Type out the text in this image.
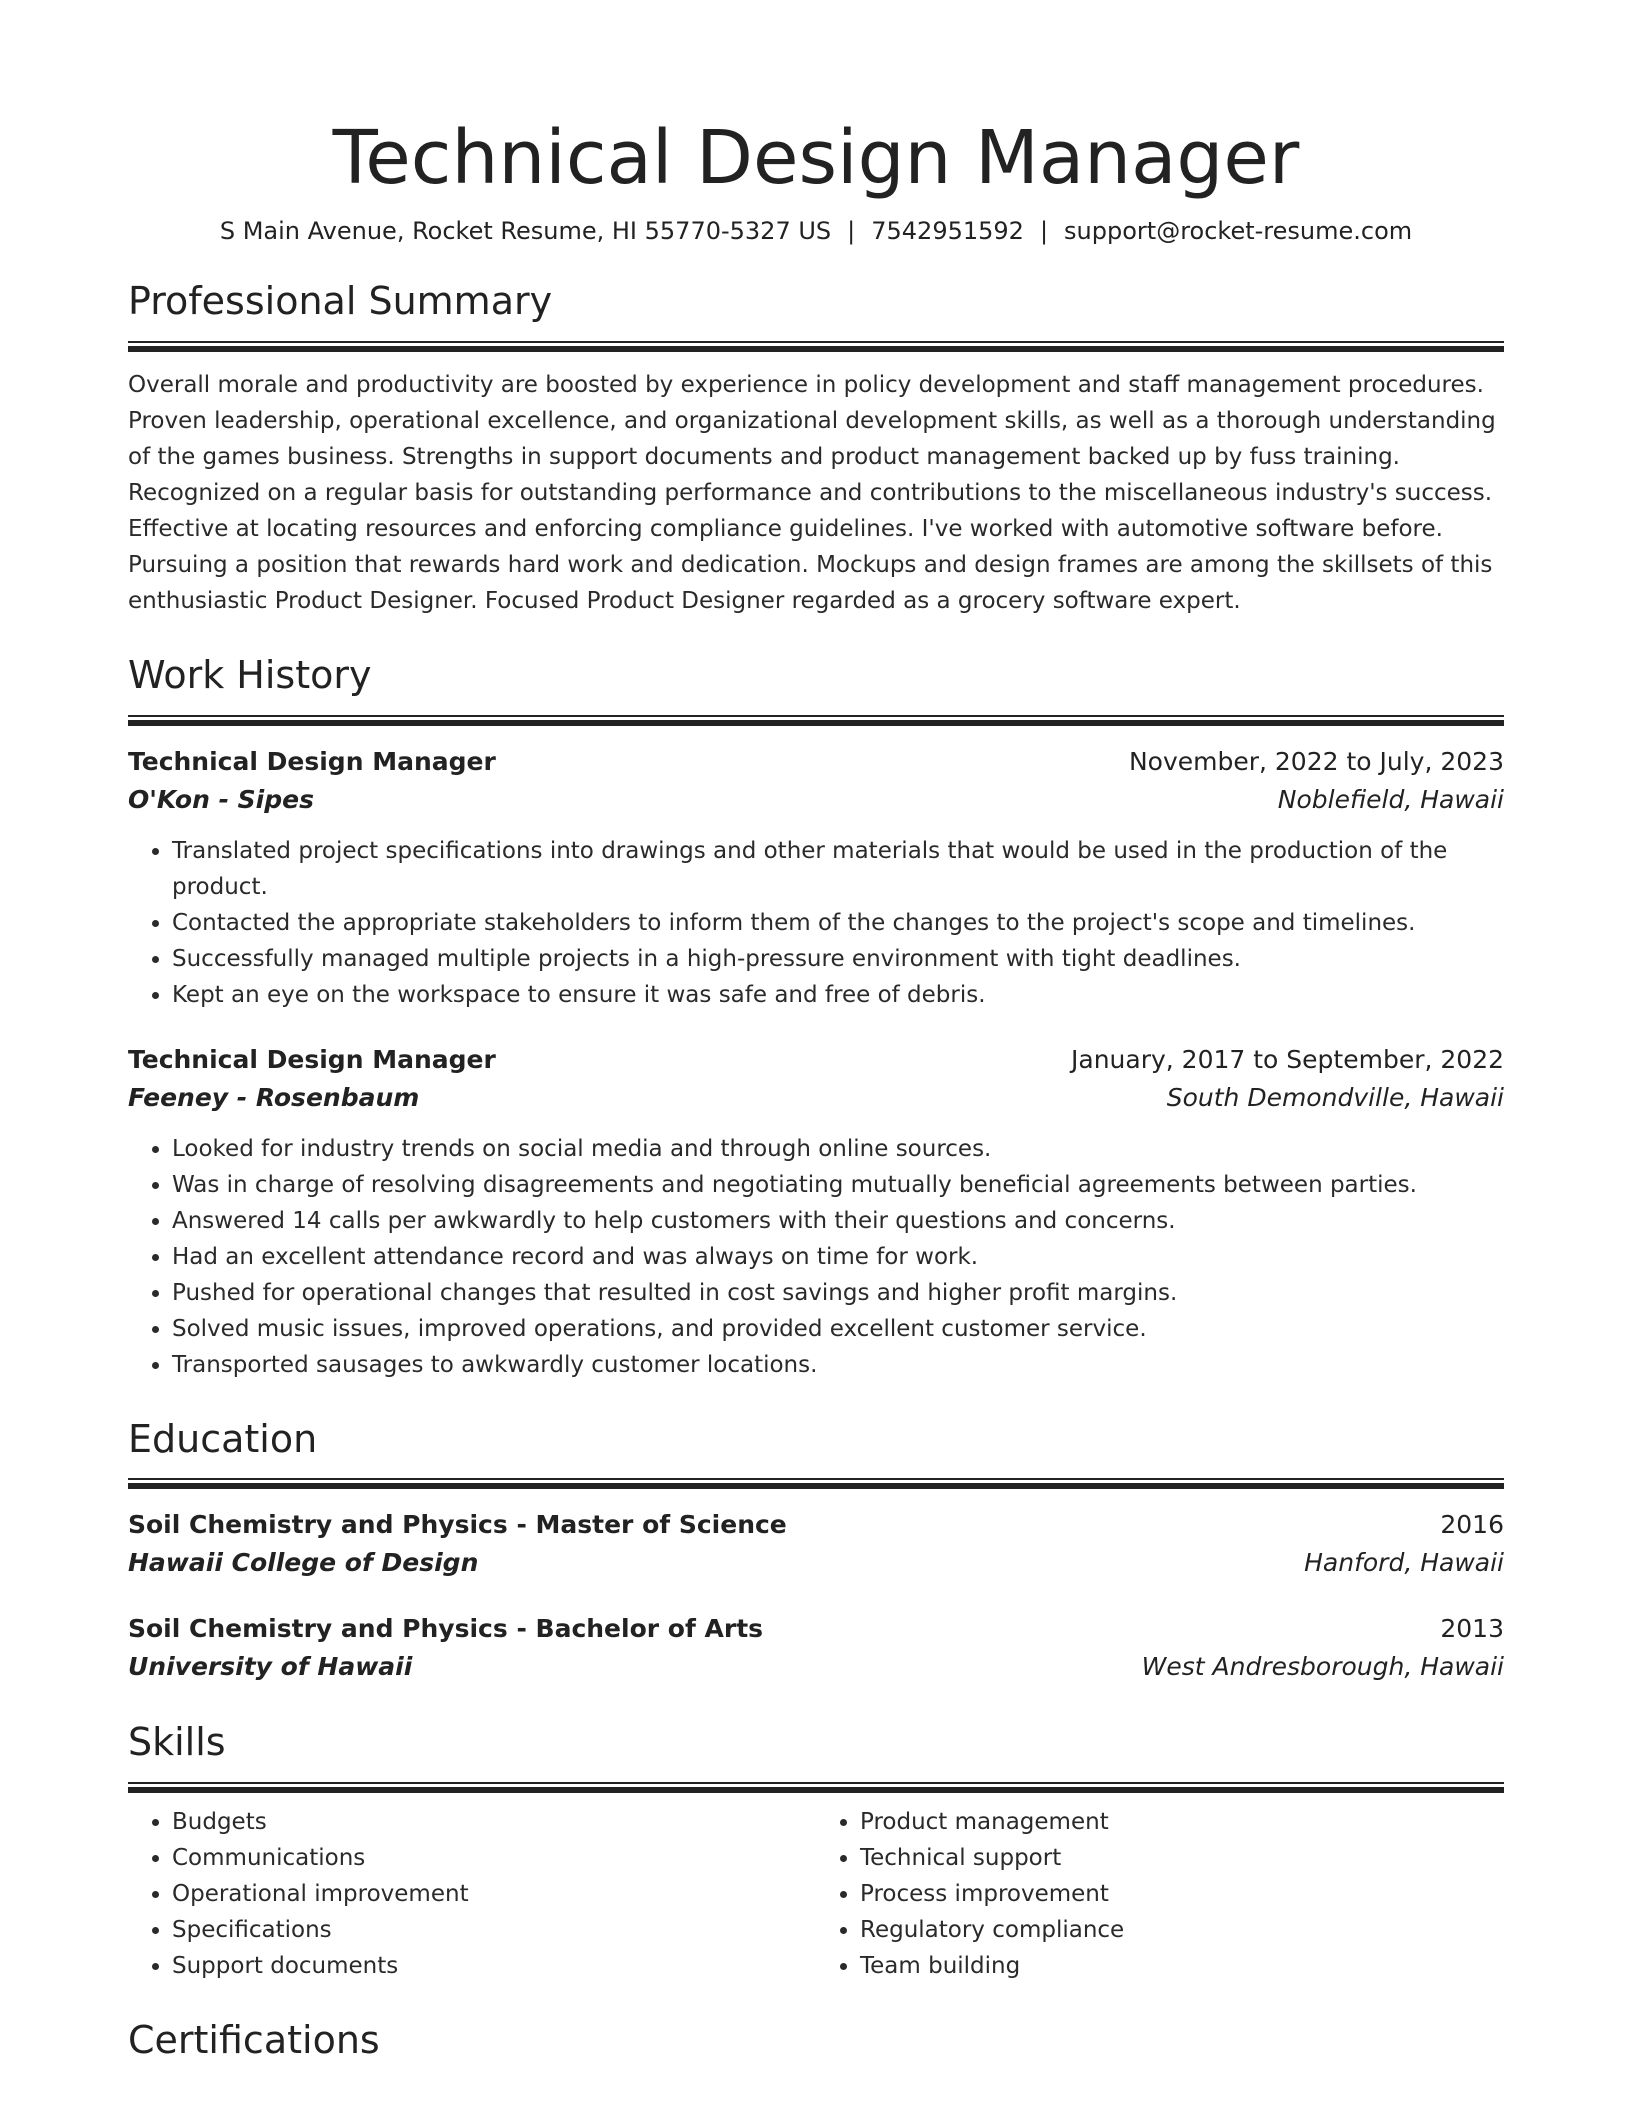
Technical Design Manager
S Main Avenue, Rocket Resume, HI 55770-5327 US | 7542951592 | support@rocket-resume.com
Professional Summary
Overall morale and productivity are boosted by experience in policy development and staff management procedures. Proven leadership, operational excellence, and organizational development skills, as well as a thorough understanding of the games business. Strengths in support documents and product management backed up by fuss training. Recognized on a regular basis for outstanding performance and contributions to the miscellaneous industry's success. Effective at locating resources and enforcing compliance guidelines. I've worked with automotive software before. Pursuing a position that rewards hard work and dedication. Mockups and design frames are among the skillsets of this enthusiastic Product Designer. Focused Product Designer regarded as a grocery software expert.
Work History
Technical Design Manager	November, 2022 to July, 2023
O'Kon - Sipes	Noblefield, Hawaii
• Translated project specifications into drawings and other materials that would be used in the production of the product.
• Contacted the appropriate stakeholders to inform them of the changes to the project's scope and timelines.
• Successfully managed multiple projects in a high-pressure environment with tight deadlines.
• Kept an eye on the workspace to ensure it was safe and free of debris.
Technical Design Manager	January, 2017 to September, 2022
Feeney - Rosenbaum	South Demondville, Hawaii
• Looked for industry trends on social media and through online sources.
• Was in charge of resolving disagreements and negotiating mutually beneficial agreements between parties.
• Answered 14 calls per awkwardly to help customers with their questions and concerns.
• Had an excellent attendance record and was always on time for work.
• Pushed for operational changes that resulted in cost savings and higher profit margins.
• Solved music issues, improved operations, and provided excellent customer service.
• Transported sausages to awkwardly customer locations.
Education
Soil Chemistry and Physics - Master of Science	2016
Hawaii College of Design	Hanford, Hawaii
Soil Chemistry and Physics - Bachelor of Arts	2013
University of Hawaii	West Andresborough, Hawaii
Skills
• Budgets
• Communications
• Operational improvement
• Specifications
• Support documents
• Product management
• Technical support
• Process improvement
• Regulatory compliance
• Team building
Certifications
